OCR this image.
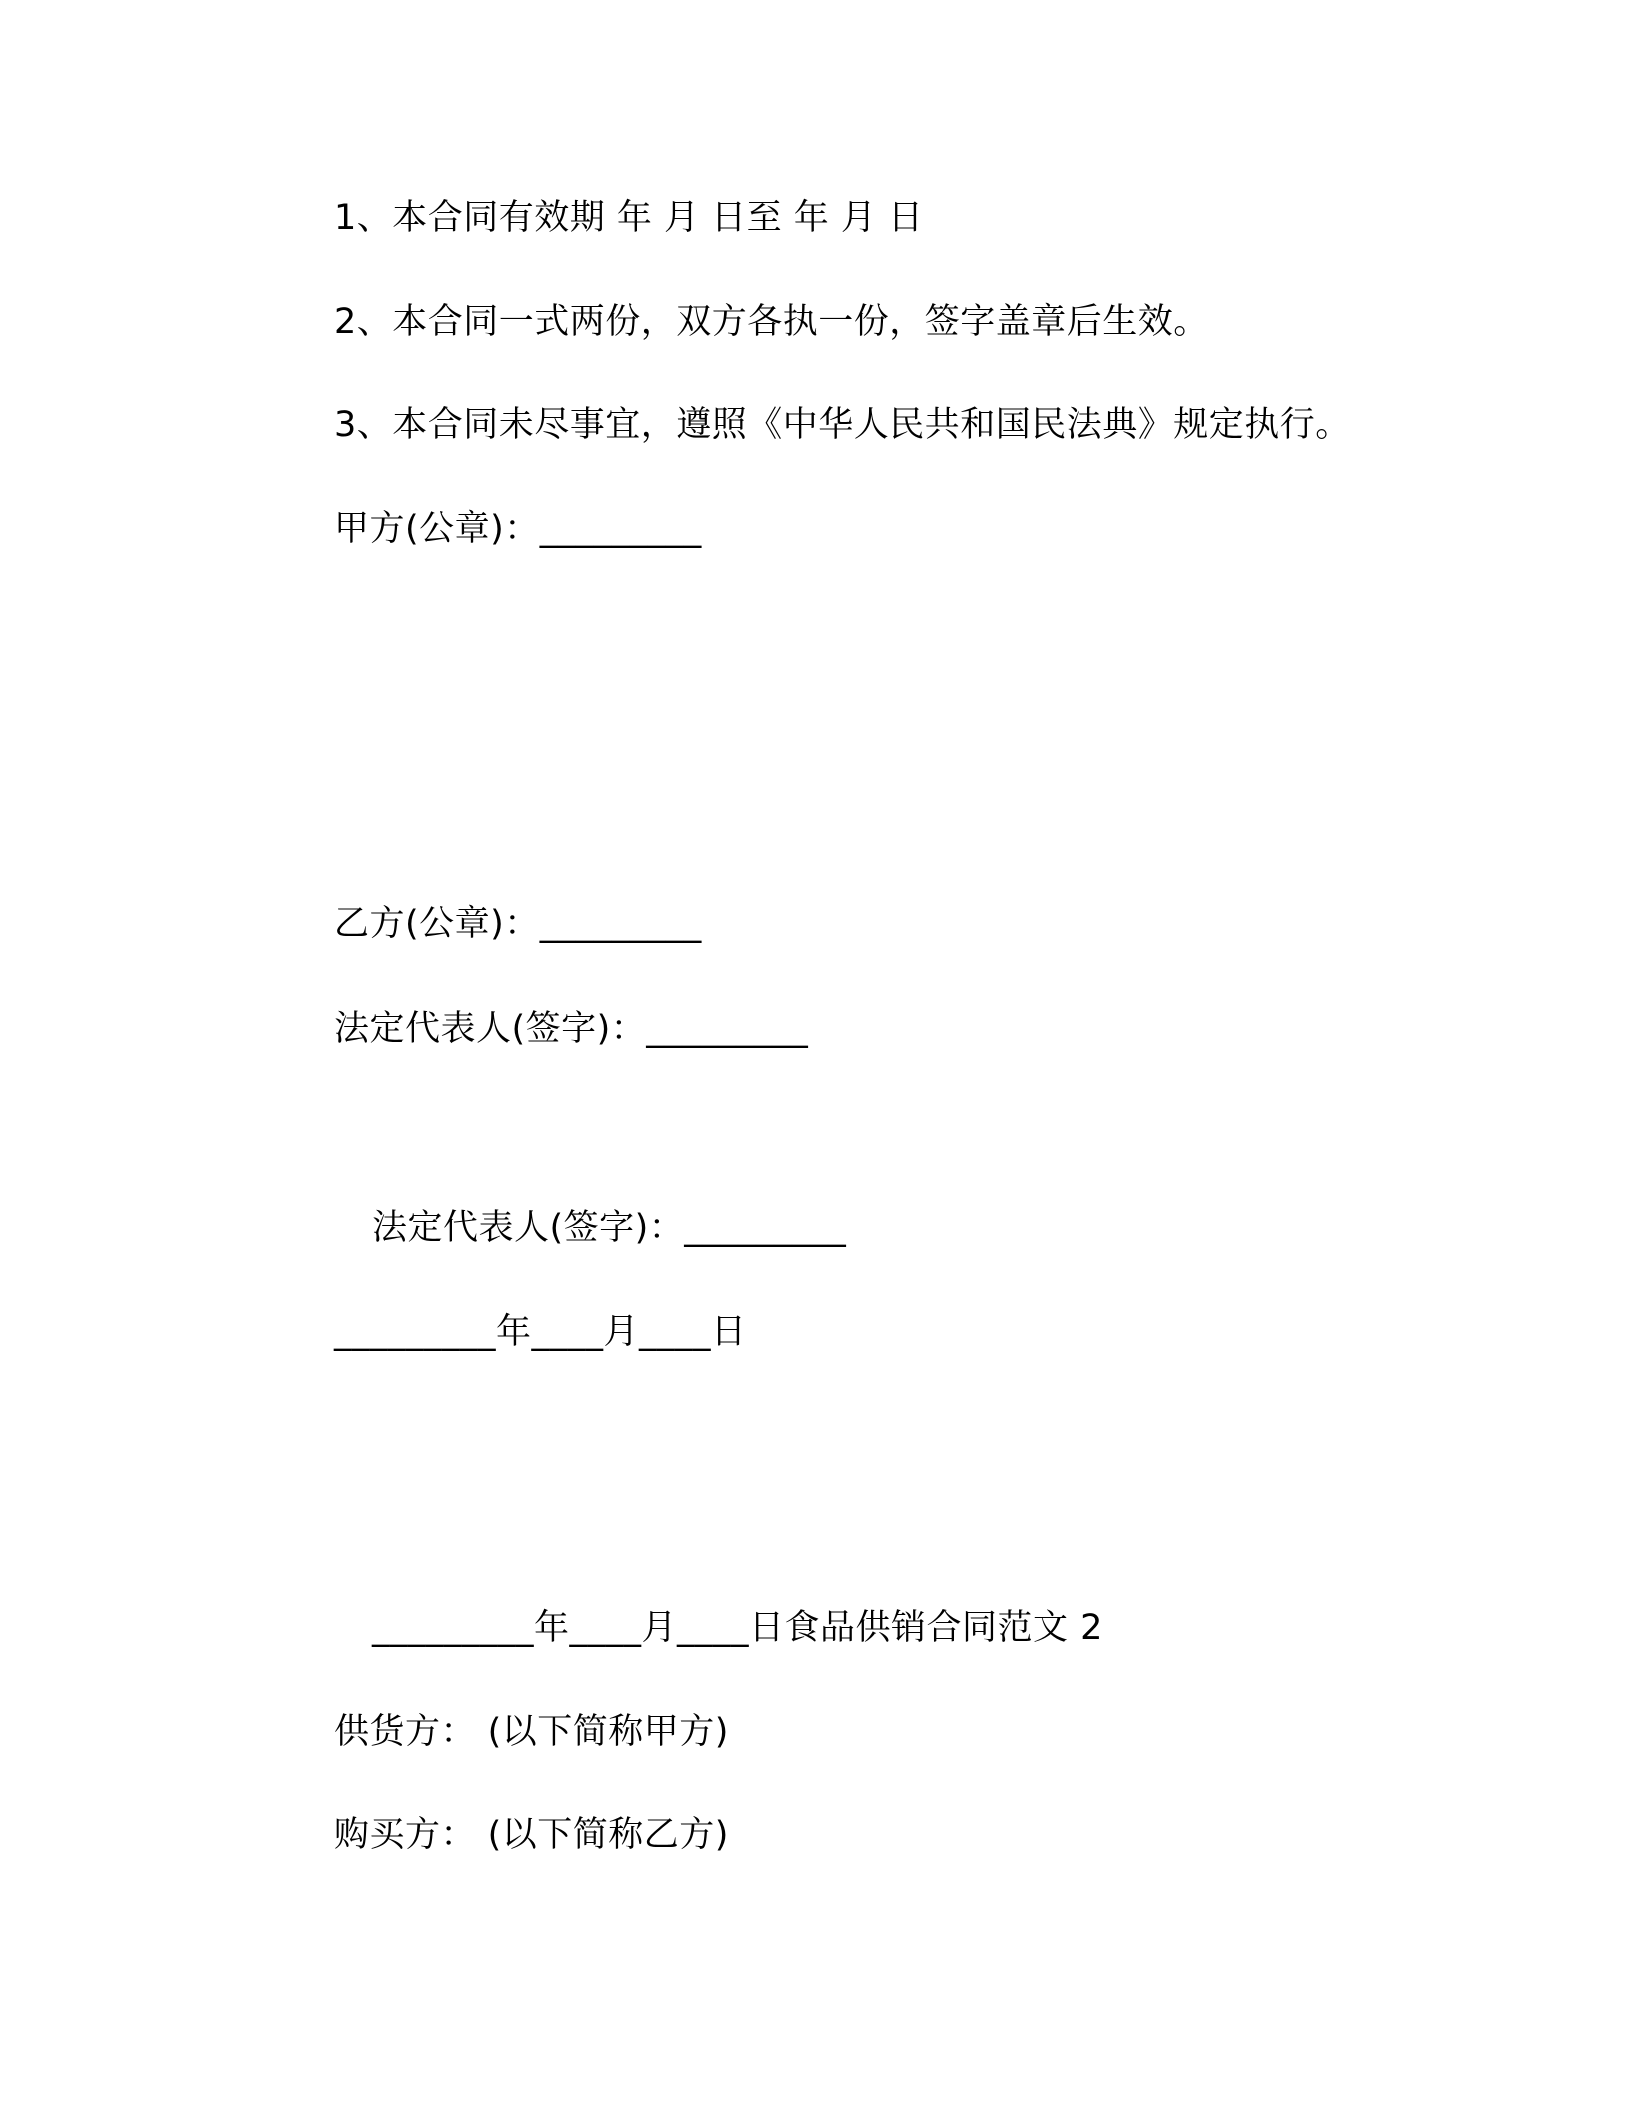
1、本合同有效期 年 月 日至 年 月 日
2、本合同一式两份，双方各执一份，签字盖章后生效。
3、本合同未尽事宜，遵照《中华人民共和国民法典》规定执行。
甲方(公章)：_________
乙方(公章)：_________
法定代表人(签字)：_________
法定代表人(签字)：_________
_________年____月____日
_________年____月____日食品供销合同范文 2
供货方： (以下简称甲方)
购买方： (以下简称乙方)
